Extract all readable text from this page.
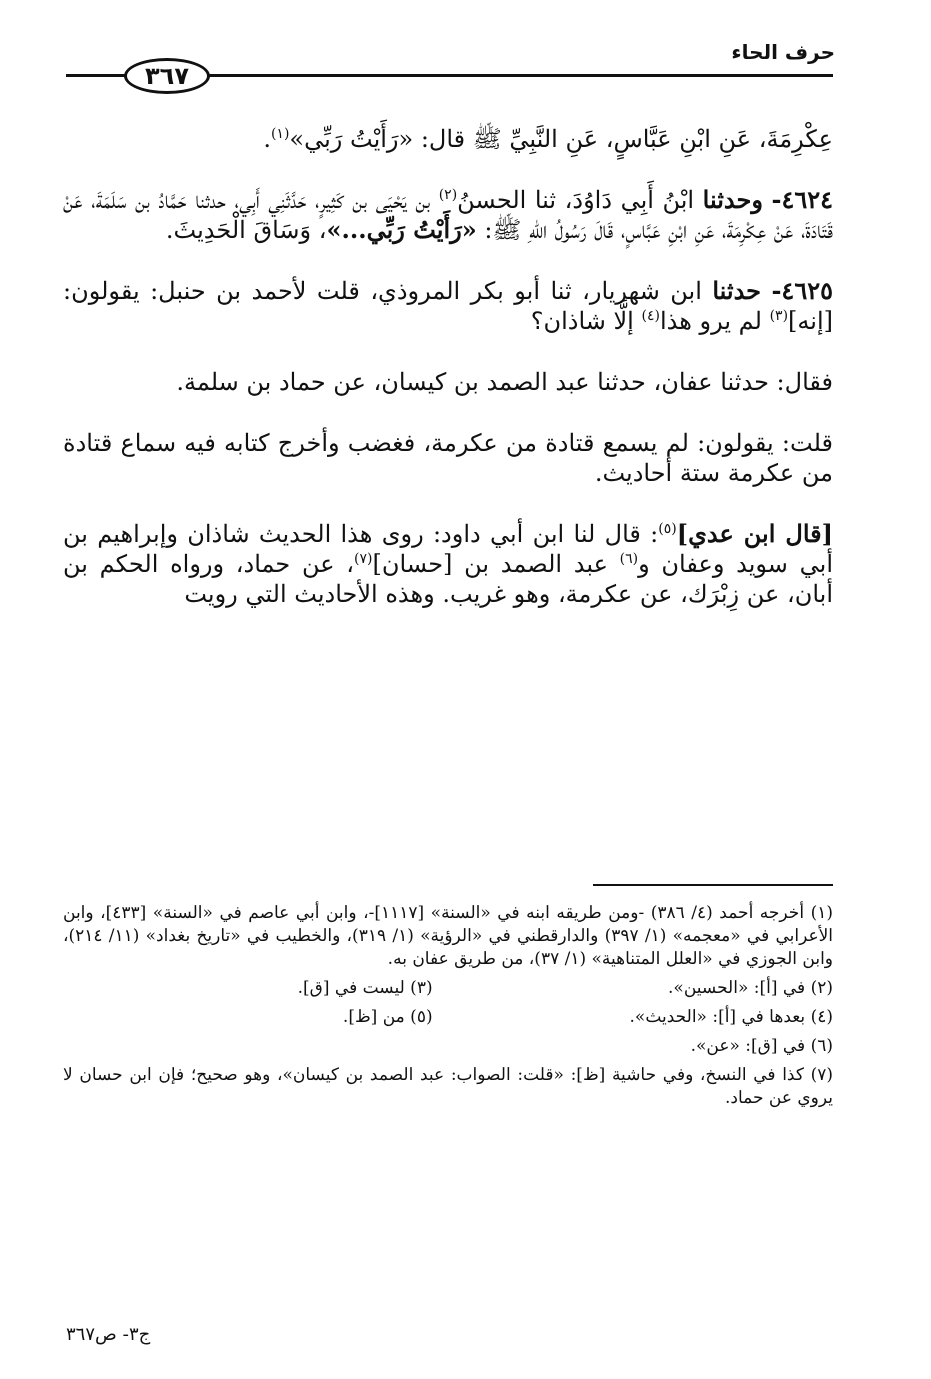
حرف الحاء
٣٦٧

عِكْرِمَةَ، عَنِ ابْنِ عَبَّاسٍ، عَنِ النَّبِيِّ ﷺ قال: «رَأَيْتُ رَبِّي»$^{(١)}$.

٤٦٢٤- وحدثنا ابْنُ أَبِي دَاوُدَ، ثنا الحسنُ$^{(٢)}$ بن يَحْيَى بن كَثِيرٍ، حَدَّثَنِي أَبِي، حدثنا حَمَّادُ بن سَلَمَةَ، عَنْ قَتَادَةَ، عَنْ عِكْرِمَةَ، عَنِ ابْنِ عَبَّاسٍ، قَالَ رَسُولُ اللهِ ﷺ: «رَأَيْتُ رَبِّي...»، وَسَاقَ الْحَدِيثَ.

٤٦٢٥- حدثنا ابن شهريار، ثنا أبو بكر المروذي، قلت لأحمد بن حنبل: يقولون: [إنه]$^{(٣)}$ لم يرو هذا$^{(٤)}$ إلَّا شاذان؟

فقال: حدثنا عفان، حدثنا عبد الصمد بن كيسان، عن حماد بن سلمة.

قلت: يقولون: لم يسمع قتادة من عكرمة، فغضب وأخرج كتابه فيه سماع قتادة من عكرمة ستة أحاديث.

[قال ابن عدي]$^{(٥)}$: قال لنا ابن أبي داود: روى هذا الحديث شاذان وإبراهيم بن أبي سويد وعفان و$^{(٦)}$ عبد الصمد بن [حسان]$^{(٧)}$، عن حماد، ورواه الحكم بن أبان، عن زِبْرَك، عن عكرمة، وهو غريب. وهذه الأحاديث التي رويت

(١) أخرجه أحمد (٤/ ٣٨٦) -ومن طريقه ابنه في «السنة» [١١١٧]-، وابن أبي عاصم في «السنة» [٤٣٣]، وابن الأعرابي في «معجمه» (١/ ٣٩٧) والدارقطني في «الرؤية» (١/ ٣١٩)، والخطيب في «تاريخ بغداد» (١١/ ٢١٤)، وابن الجوزي في «العلل المتناهية» (١/ ٣٧)، من طريق عفان به.

(٢) في [أ]: «الحسين».
(٣) ليست في [ق].
(٤) بعدها في [أ]: «الحديث».
(٥) من [ظ].

(٦) في [ق]: «عن».

(٧) كذا في النسخ، وفي حاشية [ظ]: «قلت: الصواب: عبد الصمد بن كيسان»، وهو صحيح؛ فإن ابن حسان لا يروي عن حماد.

ج٣- ص٣٦٧
